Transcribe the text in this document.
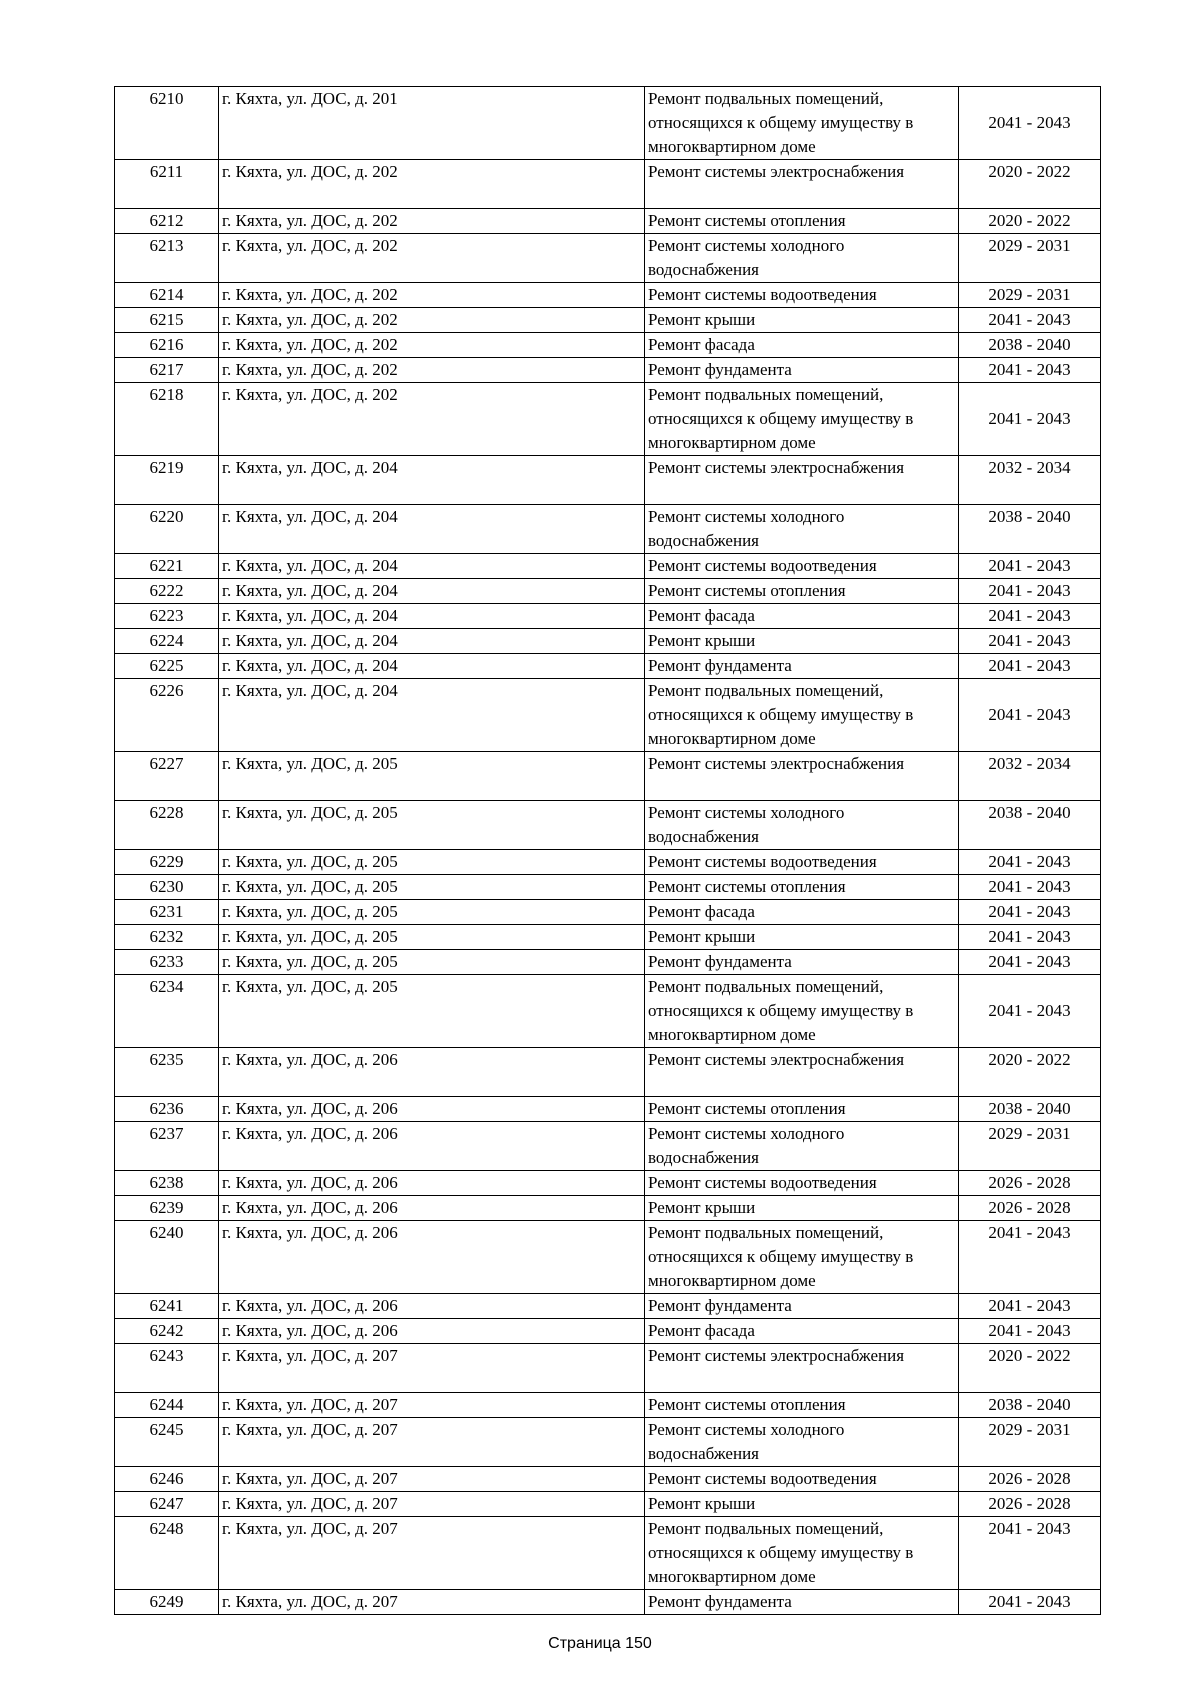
6210	г. Кяхта, ул. ДОС, д. 201	Ремонт подвальных помещений, относящихся к общему имуществу в многоквартирном доме	2041 - 2043
6211	г. Кяхта, ул. ДОС, д. 202	Ремонт системы электроснабжения	2020 - 2022
6212	г. Кяхта, ул. ДОС, д. 202	Ремонт системы отопления	2020 - 2022
6213	г. Кяхта, ул. ДОС, д. 202	Ремонт системы холодного водоснабжения	2029 - 2031
6214	г. Кяхта, ул. ДОС, д. 202	Ремонт системы водоотведения	2029 - 2031
6215	г. Кяхта, ул. ДОС, д. 202	Ремонт крыши	2041 - 2043
6216	г. Кяхта, ул. ДОС, д. 202	Ремонт фасада	2038 - 2040
6217	г. Кяхта, ул. ДОС, д. 202	Ремонт фундамента	2041 - 2043
6218	г. Кяхта, ул. ДОС, д. 202	Ремонт подвальных помещений, относящихся к общему имуществу в многоквартирном доме	2041 - 2043
6219	г. Кяхта, ул. ДОС, д. 204	Ремонт системы электроснабжения	2032 - 2034
6220	г. Кяхта, ул. ДОС, д. 204	Ремонт системы холодного водоснабжения	2038 - 2040
6221	г. Кяхта, ул. ДОС, д. 204	Ремонт системы водоотведения	2041 - 2043
6222	г. Кяхта, ул. ДОС, д. 204	Ремонт системы отопления	2041 - 2043
6223	г. Кяхта, ул. ДОС, д. 204	Ремонт фасада	2041 - 2043
6224	г. Кяхта, ул. ДОС, д. 204	Ремонт крыши	2041 - 2043
6225	г. Кяхта, ул. ДОС, д. 204	Ремонт фундамента	2041 - 2043
6226	г. Кяхта, ул. ДОС, д. 204	Ремонт подвальных помещений, относящихся к общему имуществу в многоквартирном доме	2041 - 2043
6227	г. Кяхта, ул. ДОС, д. 205	Ремонт системы электроснабжения	2032 - 2034
6228	г. Кяхта, ул. ДОС, д. 205	Ремонт системы холодного водоснабжения	2038 - 2040
6229	г. Кяхта, ул. ДОС, д. 205	Ремонт системы водоотведения	2041 - 2043
6230	г. Кяхта, ул. ДОС, д. 205	Ремонт системы отопления	2041 - 2043
6231	г. Кяхта, ул. ДОС, д. 205	Ремонт фасада	2041 - 2043
6232	г. Кяхта, ул. ДОС, д. 205	Ремонт крыши	2041 - 2043
6233	г. Кяхта, ул. ДОС, д. 205	Ремонт фундамента	2041 - 2043
6234	г. Кяхта, ул. ДОС, д. 205	Ремонт подвальных помещений, относящихся к общему имуществу в многоквартирном доме	2041 - 2043
6235	г. Кяхта, ул. ДОС, д. 206	Ремонт системы электроснабжения	2020 - 2022
6236	г. Кяхта, ул. ДОС, д. 206	Ремонт системы отопления	2038 - 2040
6237	г. Кяхта, ул. ДОС, д. 206	Ремонт системы холодного водоснабжения	2029 - 2031
6238	г. Кяхта, ул. ДОС, д. 206	Ремонт системы водоотведения	2026 - 2028
6239	г. Кяхта, ул. ДОС, д. 206	Ремонт крыши	2026 - 2028
6240	г. Кяхта, ул. ДОС, д. 206	Ремонт подвальных помещений, относящихся к общему имуществу в многоквартирном доме	2041 - 2043
6241	г. Кяхта, ул. ДОС, д. 206	Ремонт фундамента	2041 - 2043
6242	г. Кяхта, ул. ДОС, д. 206	Ремонт фасада	2041 - 2043
6243	г. Кяхта, ул. ДОС, д. 207	Ремонт системы электроснабжения	2020 - 2022
6244	г. Кяхта, ул. ДОС, д. 207	Ремонт системы отопления	2038 - 2040
6245	г. Кяхта, ул. ДОС, д. 207	Ремонт системы холодного водоснабжения	2029 - 2031
6246	г. Кяхта, ул. ДОС, д. 207	Ремонт системы водоотведения	2026 - 2028
6247	г. Кяхта, ул. ДОС, д. 207	Ремонт крыши	2026 - 2028
6248	г. Кяхта, ул. ДОС, д. 207	Ремонт подвальных помещений, относящихся к общему имуществу в многоквартирном доме	2041 - 2043
6249	г. Кяхта, ул. ДОС, д. 207	Ремонт фундамента	2041 - 2043
Страница 150
